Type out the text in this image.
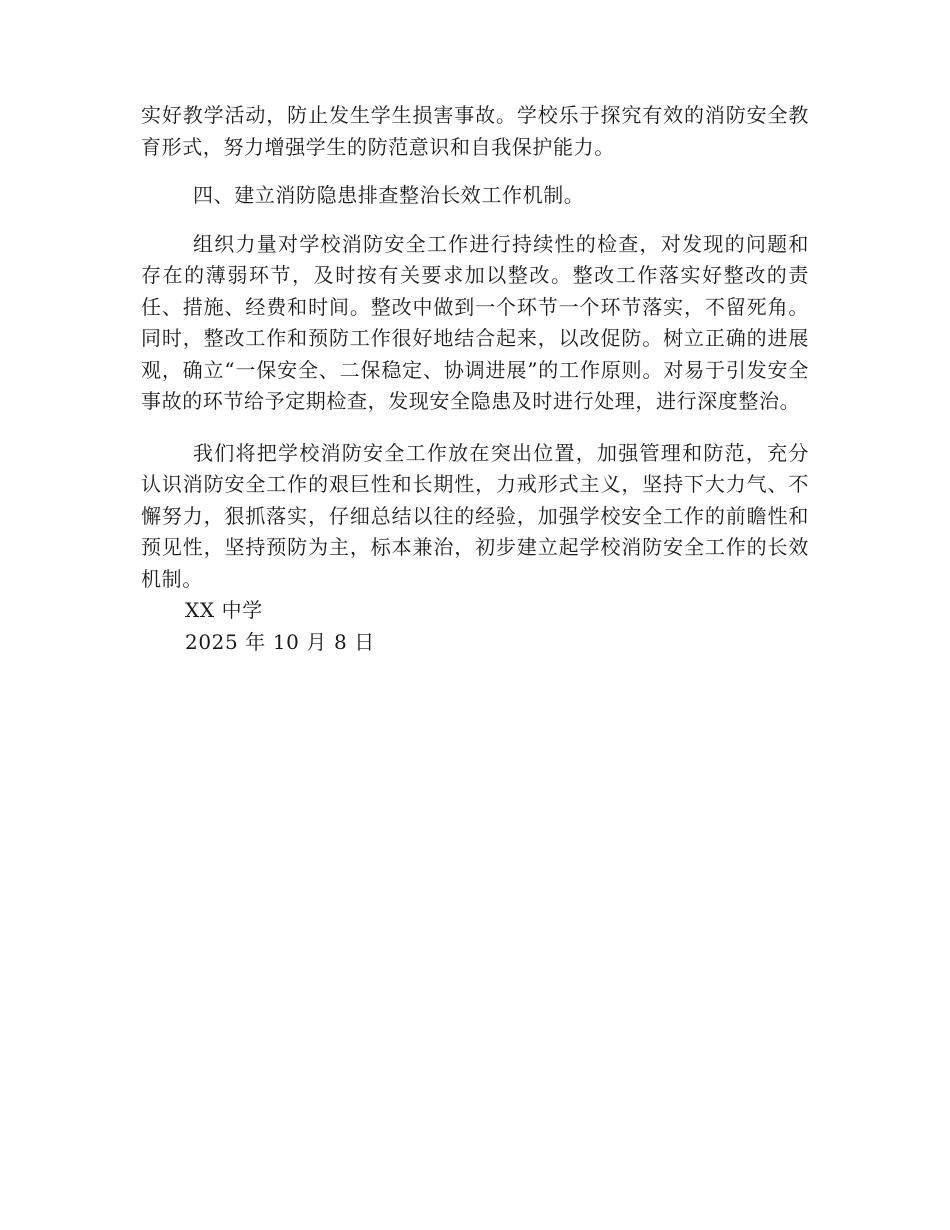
实好教学活动，防止发生学生损害事故。学校乐于探究有效的消防安全教育形式，努力增强学生的防范意识和自我保护能力。

四、建立消防隐患排查整治长效工作机制。

组织力量对学校消防安全工作进行持续性的检查，对发现的问题和存在的薄弱环节，及时按有关要求加以整改。整改工作落实好整改的责任、措施、经费和时间。整改中做到一个环节一个环节落实，不留死角。同时，整改工作和预防工作很好地结合起来，以改促防。树立正确的进展观，确立“一保安全、二保稳定、协调进展”的工作原则。对易于引发安全事故的环节给予定期检查，发现安全隐患及时进行处理，进行深度整治。

我们将把学校消防安全工作放在突出位置，加强管理和防范，充分认识消防安全工作的艰巨性和长期性，力戒形式主义，坚持下大力气、不懈努力，狠抓落实，仔细总结以往的经验，加强学校安全工作的前瞻性和预见性，坚持预防为主，标本兼治，初步建立起学校消防安全工作的长效机制。

XX 中学

2025 年 10 月 8 日
